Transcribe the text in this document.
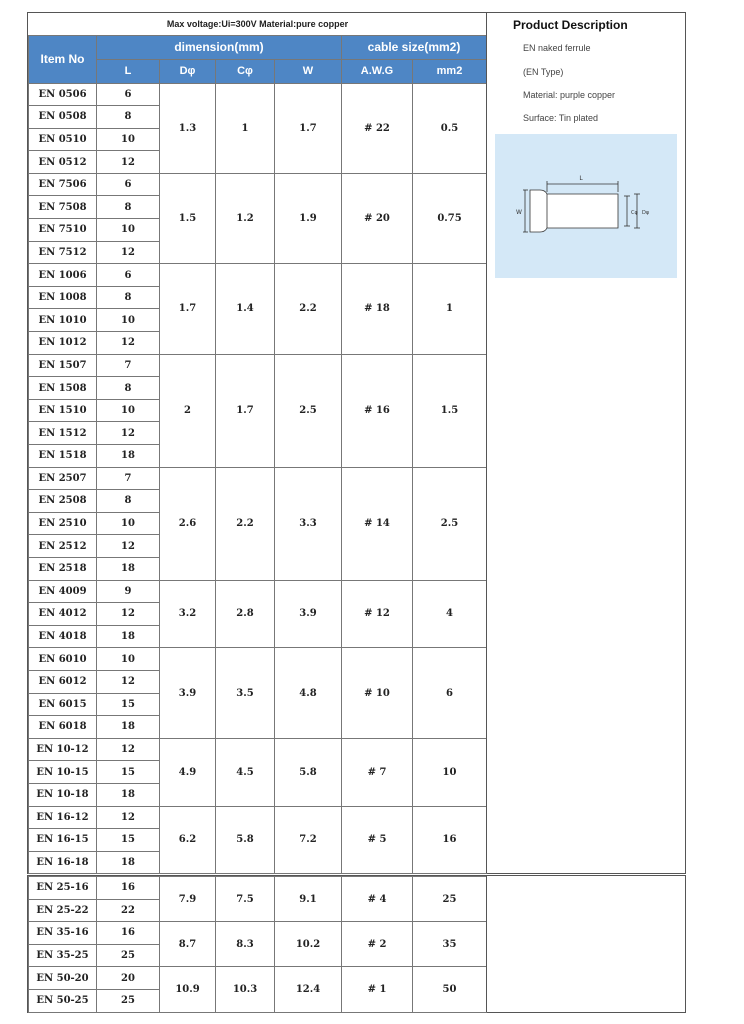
Max voltage:Ui=300V Material:pure copper						
Item No	dimension(mm)				cable size(mm2)	
	L	Dφ	Cφ	W	A.W.G	mm2
EN 0506	6	1.3	1	1.7	# 22	0.5
EN 0508	8					
EN 0510	10					
EN 0512	12					
EN 7506	6	1.5	1.2	1.9	# 20	0.75
EN 7508	8					
EN 7510	10					
EN 7512	12					
EN 1006	6	1.7	1.4	2.2	# 18	1
EN 1008	8					
EN 1010	10					
EN 1012	12					
EN 1507	7	2	1.7	2.5	# 16	1.5
EN 1508	8					
EN 1510	10					
EN 1512	12					
EN 1518	18					
EN 2507	7	2.6	2.2	3.3	# 14	2.5
EN 2508	8					
EN 2510	10					
EN 2512	12					
EN 2518	18					
EN 4009	9	3.2	2.8	3.9	# 12	4
EN 4012	12					
EN 4018	18					
EN 6010	10	3.9	3.5	4.8	# 10	6
EN 6012	12					
EN 6015	15					
EN 6018	18					
EN 10-12	12	4.9	4.5	5.8	# 7	10
EN 10-15	15					
EN 10-18	18					
EN 16-12	12	6.2	5.8	7.2	# 5	16
EN 16-15	15					
EN 16-18	18					
Product Description
EN naked ferrule
(EN Type)
Material: purple copper
Surface: Tin plated
L
W	Cφ Dφ
EN 25-16	16	7.9	7.5	9.1	# 4	25
EN 25-22	22					
EN 35-16	16	8.7	8.3	10.2	# 2	35
EN 35-25	25					
EN 50-20	20	10.9	10.3	12.4	# 1	50
EN 50-25	25					
